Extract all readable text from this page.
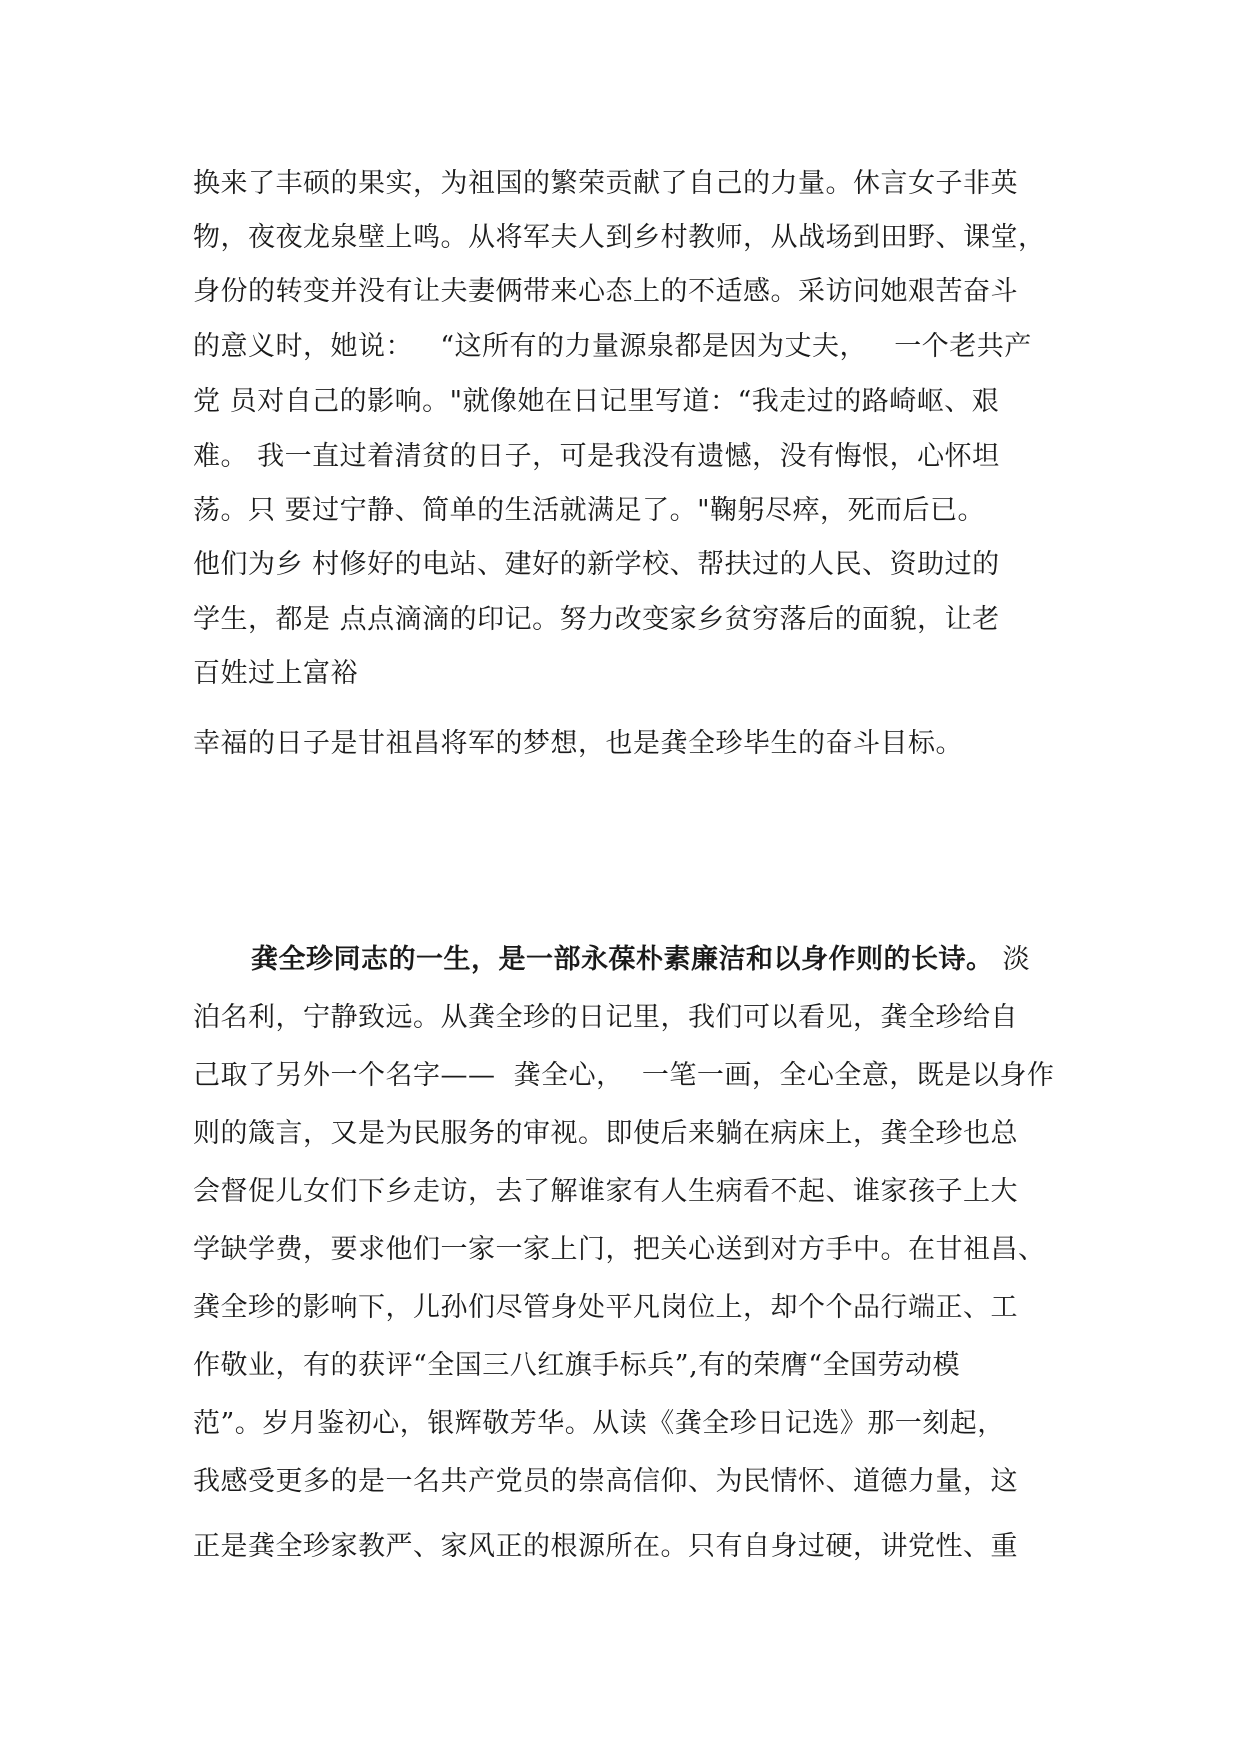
换来了丰硕的果实，为祖国的繁荣贡献了自己的力量。休言女子非英
物，夜夜龙泉壁上鸣。从将军夫人到乡村教师，从战场到田野、课堂，
身份的转变并没有让夫妻俩带来心态上的不适感。采访问她艰苦奋斗
的意义时，她说：   “这所有的力量源泉都是因为丈夫，   一个老共产
党 员对自己的影响。"就像她在日记里写道：“我走过的路崎岖、艰
难。 我一直过着清贫的日子，可是我没有遗憾，没有悔恨，心怀坦
荡。只 要过宁静、简单的生活就满足了。"鞠躬尽瘁，死而后已。
他们为乡 村修好的电站、建好的新学校、帮扶过的人民、资助过的
学生，都是 点点滴滴的印记。努力改变家乡贫穷落后的面貌，让老
百姓过上富裕
幸福的日子是甘祖昌将军的梦想，也是龚全珍毕生的奋斗目标。
龚全珍同志的一生，是一部永葆朴素廉洁和以身作则的长诗。 淡
泊名利，宁静致远。从龚全珍的日记里，我们可以看见，龚全珍给自
己取了另外一个名字——  龚全心，  一笔一画，全心全意，既是以身作
则的箴言，又是为民服务的审视。即使后来躺在病床上，龚全珍也总
会督促儿女们下乡走访，去了解谁家有人生病看不起、谁家孩子上大
学缺学费，要求他们一家一家上门，把关心送到对方手中。在甘祖昌、
龚全珍的影响下，儿孙们尽管身处平凡岗位上，却个个品行端正、工
作敬业，有的获评“全国三八红旗手标兵”,有的荣膺“全国劳动模
范”。岁月鉴初心，银辉敬芳华。从读《龚全珍日记选》那一刻起，
我感受更多的是一名共产党员的崇高信仰、为民情怀、道德力量，这
正是龚全珍家教严、家风正的根源所在。只有自身过硬，讲党性、重
